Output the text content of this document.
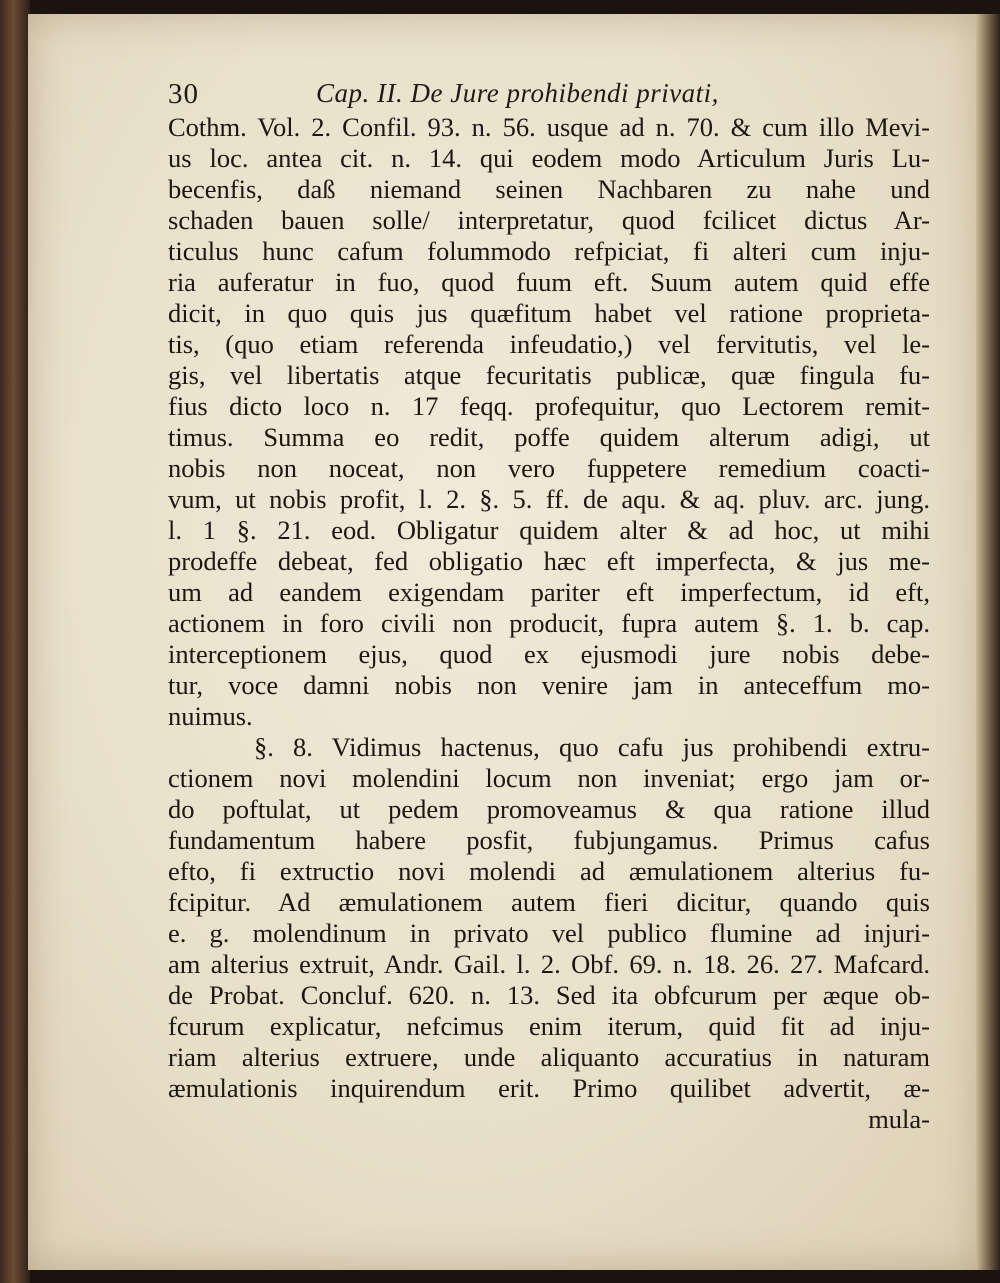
30	Cap. II. De Jure prohibendi privati,
Cothm. Vol. 2. Confil. 93. n. 56. usque ad n. 70. & cum illo Mevi-
us loc. antea cit. n. 14. qui eodem modo Articulum Juris Lu-
becenfis, daß niemand seinen Nachbaren zu nahe und
schaden bauen solle/ interpretatur, quod fcilicet dictus Ar-
ticulus hunc cafum folummodo refpiciat, fi alteri cum inju-
ria auferatur in fuo, quod fuum eft. Suum autem quid effe
dicit, in quo quis jus quæfitum habet vel ratione proprieta-
tis, (quo etiam referenda infeudatio,) vel fervitutis, vel le-
gis, vel libertatis atque fecuritatis publicæ, quæ fingula fu-
fius dicto loco n. 17 feqq. profequitur, quo Lectorem remit-
timus. Summa eo redit, poffe quidem alterum adigi, ut
nobis non noceat, non vero fuppetere remedium coacti-
vum, ut nobis profit, l. 2. §. 5. ff. de aqu. & aq. pluv. arc. jung.
l. 1 §. 21. eod. Obligatur quidem alter & ad hoc, ut mihi
prodeffe debeat, fed obligatio hæc eft imperfecta, & jus me-
um ad eandem exigendam pariter eft imperfectum, id eft,
actionem in foro civili non producit, fupra autem §. 1. b. cap.
interceptionem ejus, quod ex ejusmodi jure nobis debe-
tur, voce damni nobis non venire jam in anteceffum mo-
nuimus.
§. 8. Vidimus hactenus, quo cafu jus prohibendi extru-
ctionem novi molendini locum non inveniat; ergo jam or-
do poftulat, ut pedem promoveamus & qua ratione illud
fundamentum habere posfit, fubjungamus. Primus cafus
efto, fi extructio novi molendi ad æmulationem alterius fu-
fcipitur. Ad æmulationem autem fieri dicitur, quando quis
e. g. molendinum in privato vel publico flumine ad injuri-
am alterius extruit, Andr. Gail. l. 2. Obf. 69. n. 18. 26. 27. Mafcard.
de Probat. Concluf. 620. n. 13. Sed ita obfcurum per æque ob-
fcurum explicatur, nefcimus enim iterum, quid fit ad inju-
riam alterius extruere, unde aliquanto accuratius in naturam
æmulationis inquirendum erit. Primo quilibet advertit, æ-
mula-
